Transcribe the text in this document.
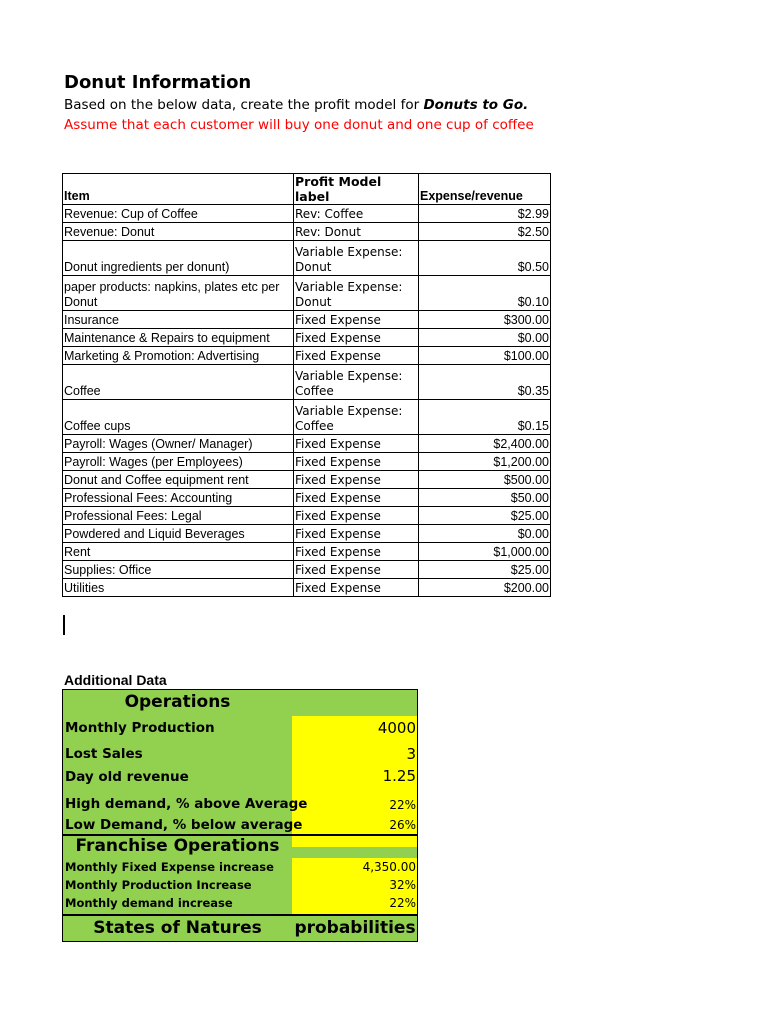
Donut Information
Based on the below data, create the profit model for Donuts to Go.
Assume that each customer will buy one donut and one cup of coffee
Item	Profit Model label	Expense/revenue
Revenue: Cup of Coffee	Rev: Coffee	$2.99
Revenue: Donut	Rev: Donut	$2.50
Donut ingredients per donunt)	Variable Expense: Donut	$0.50
paper products: napkins, plates etc per Donut	Variable Expense: Donut	$0.10
Insurance	Fixed Expense	$300.00
Maintenance & Repairs to equipment	Fixed Expense	$0.00
Marketing & Promotion: Advertising	Fixed Expense	$100.00
Coffee	Variable Expense: Coffee	$0.35
Coffee cups	Variable Expense: Coffee	$0.15
Payroll: Wages (Owner/ Manager)	Fixed Expense	$2,400.00
Payroll: Wages (per Employees)	Fixed Expense	$1,200.00
Donut and Coffee equipment rent	Fixed Expense	$500.00
Professional Fees: Accounting	Fixed Expense	$50.00
Professional Fees: Legal	Fixed Expense	$25.00
Powdered and Liquid Beverages	Fixed Expense	$0.00
Rent	Fixed Expense	$1,000.00
Supplies: Office	Fixed Expense	$25.00
Utilities	Fixed Expense	$200.00
Additional Data
Operations
Monthly Production	4000
Lost Sales	3
Day old revenue	1.25
High demand, % above Average	22%
Low Demand, % below average	26%
Franchise Operations
Monthly Fixed Expense increase	4,350.00
Monthly Production Increase	32%
Monthly demand increase	22%
States of Natures	probabilities
